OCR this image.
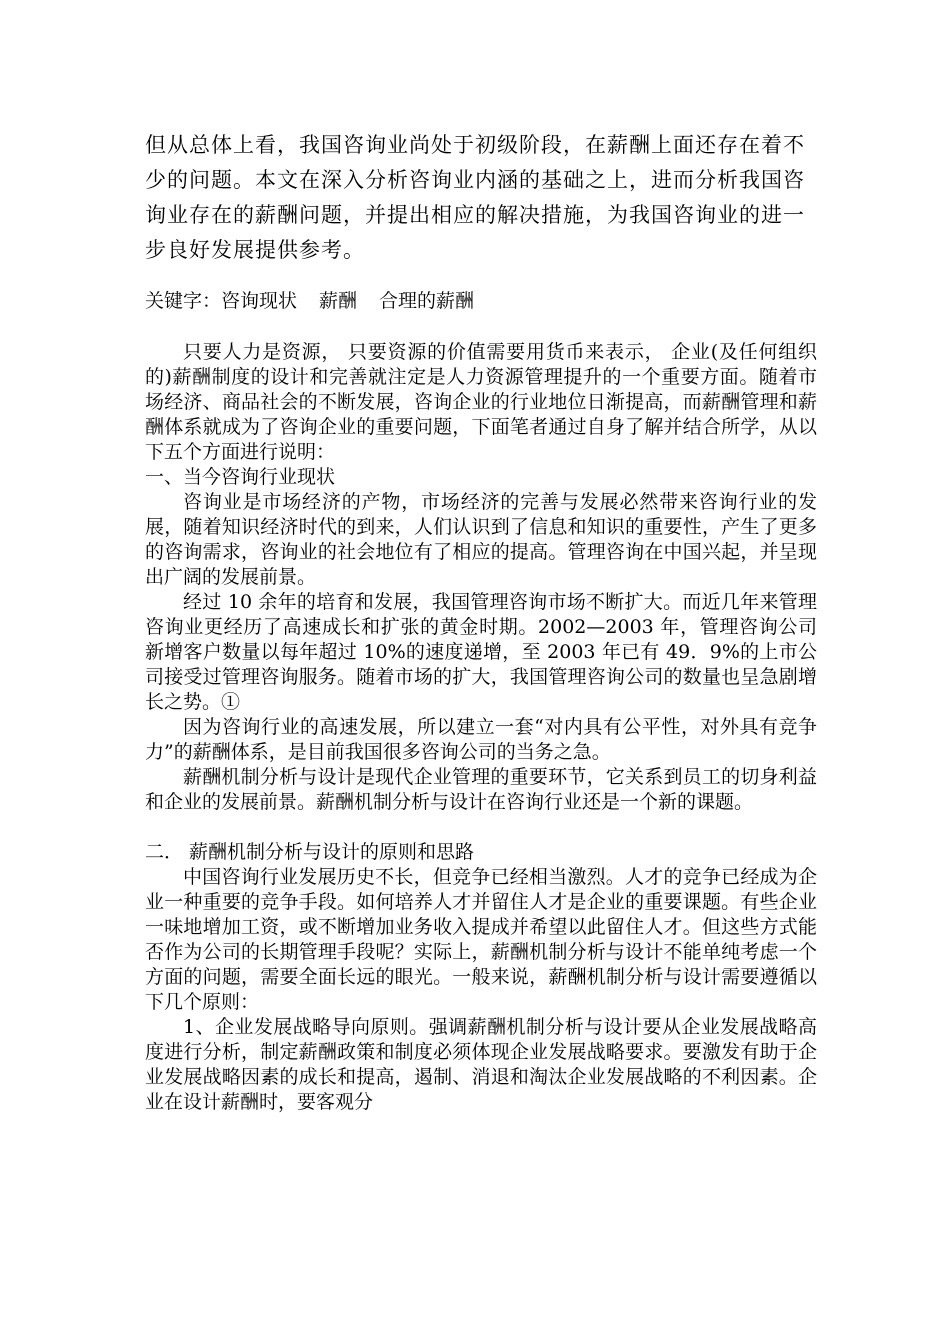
但从总体上看，我国咨询业尚处于初级阶段，在薪酬上面还存在着不少的问题。本文在深入分析咨询业内涵的基础之上，进而分析我国咨询业存在的薪酬问题，并提出相应的解决措施，为我国咨询业的进一步良好发展提供参考。

关键字：咨询现状 薪酬 合理的薪酬

只要人力是资源， 只要资源的价值需要用货币来表示， 企业(及任何组织的)薪酬制度的设计和完善就注定是人力资源管理提升的一个重要方面。随着市场经济、商品社会的不断发展，咨询企业的行业地位日渐提高，而薪酬管理和薪酬体系就成为了咨询企业的重要问题，下面笔者通过自身了解并结合所学，从以下五个方面进行说明：

一、当今咨询行业现状

咨询业是市场经济的产物，市场经济的完善与发展必然带来咨询行业的发展，随着知识经济时代的到来，人们认识到了信息和知识的重要性，产生了更多的咨询需求，咨询业的社会地位有了相应的提高。管理咨询在中国兴起，并呈现出广阔的发展前景。

经过 10 余年的培育和发展，我国管理咨询市场不断扩大。而近几年来管理咨询业更经历了高速成长和扩张的黄金时期。2002—2003 年，管理咨询公司新增客户数量以每年超过 10%的速度递增，至 2003 年已有 49．9%的上市公司接受过管理咨询服务。随着市场的扩大，我国管理咨询公司的数量也呈急剧增长之势。①

因为咨询行业的高速发展，所以建立一套“对内具有公平性，对外具有竞争力”的薪酬体系，是目前我国很多咨询公司的当务之急。

薪酬机制分析与设计是现代企业管理的重要环节，它关系到员工的切身利益和企业的发展前景。薪酬机制分析与设计在咨询行业还是一个新的课题。

二． 薪酬机制分析与设计的原则和思路

中国咨询行业发展历史不长，但竞争已经相当激烈。人才的竞争已经成为企业一种重要的竞争手段。如何培养人才并留住人才是企业的重要课题。有些企业一味地增加工资，或不断增加业务收入提成并希望以此留住人才。但这些方式能否作为公司的长期管理手段呢？实际上，薪酬机制分析与设计不能单纯考虑一个方面的问题，需要全面长远的眼光。一般来说，薪酬机制分析与设计需要遵循以下几个原则：

1、企业发展战略导向原则。强调薪酬机制分析与设计要从企业发展战略高度进行分析，制定薪酬政策和制度必须体现企业发展战略要求。要激发有助于企业发展战略因素的成长和提高，遏制、消退和淘汰企业发展战略的不利因素。企业在设计薪酬时，要客观分
